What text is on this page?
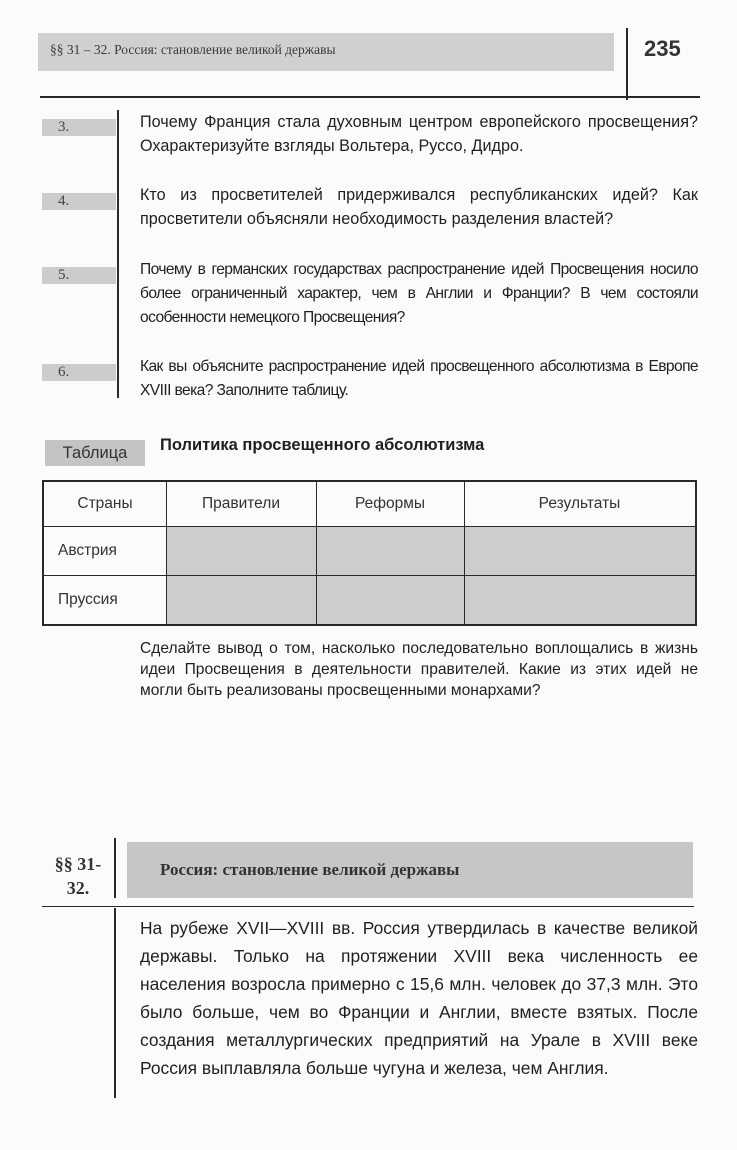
§§ 31 – 32. Россия: становление великой державы	235
3.	Почему Франция стала духовным центром европейского просвещения? Охарактеризуйте взгляды Вольтера, Руссо, Дидро.
4.	Кто из просветителей придерживался республиканских идей? Как просветители объясняли необходимость разделения властей?
5.	Почему в германских государствах распространение идей Просвещения носило более ограниченный характер, чем в Англии и Франции? В чем состояли особенности немецкого Просвещения?
6.	Как вы объясните распространение идей просвещенного абсолютизма в Европе XVIII века? Заполните таблицу.
Таблица	Политика просвещенного абсолютизма
Страны	Правители	Реформы	Результаты
Австрия
Пруссия
Сделайте вывод о том, насколько последовательно воплощались в жизнь идеи Просвещения в деятельности правителей. Какие из этих идей не могли быть реализованы просвещенными монархами?
§§ 31-
32.
Россия: становление великой державы
На рубеже XVII—XVIII вв. Россия утвердилась в качестве великой державы. Только на протяжении XVIII века численность ее населения возросла примерно с 15,6 млн. человек до 37,3 млн. Это было больше, чем во Франции и Англии, вместе взятых. После создания металлургических предприятий на Урале в XVIII веке Россия выплавляла больше чугуна и железа, чем Англия.
